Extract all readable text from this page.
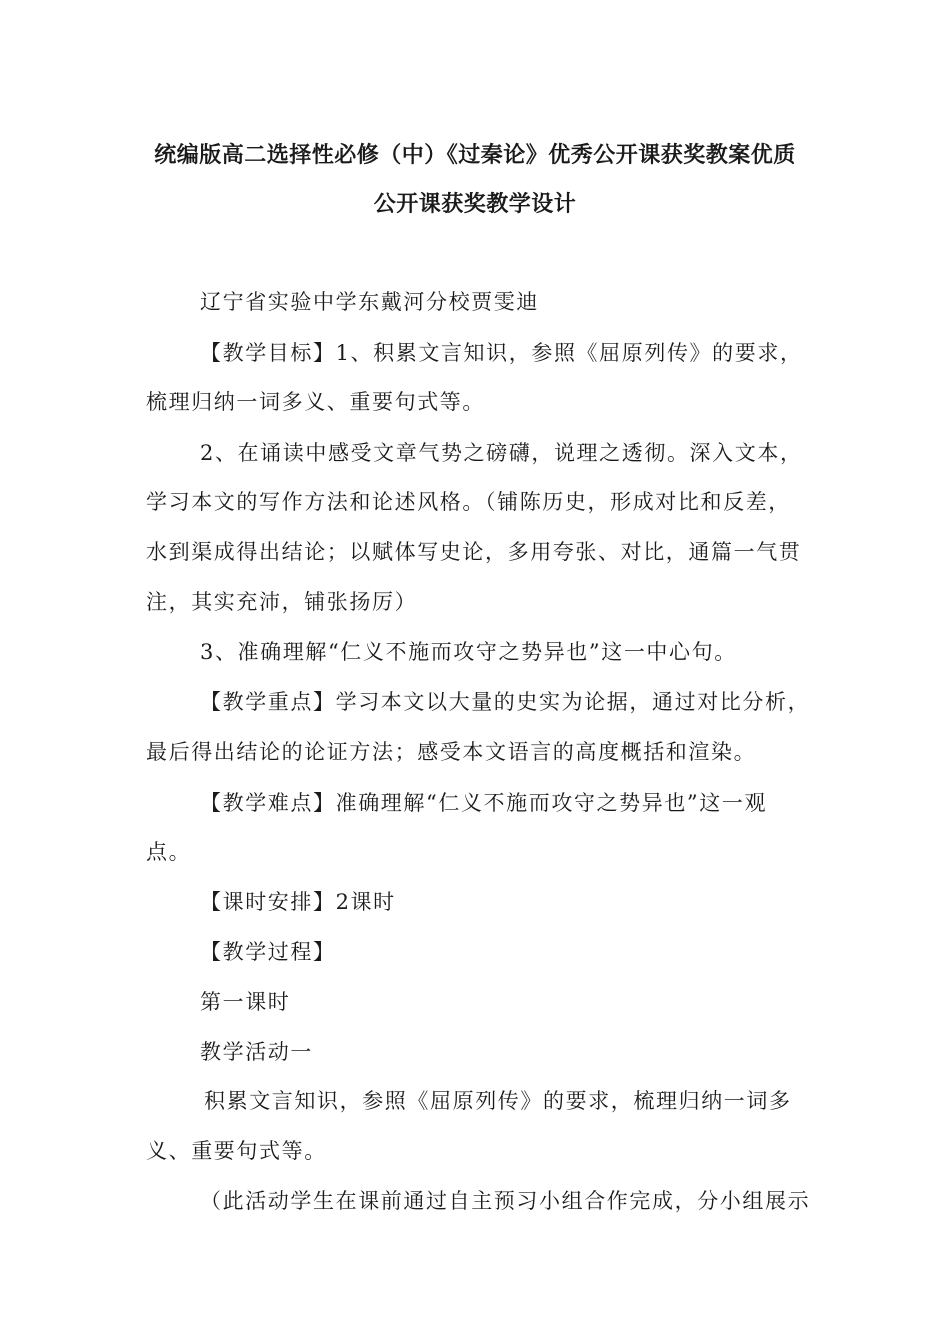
统编版高二选择性必修（中）《过秦论》优秀公开课获奖教案优质
公开课获奖教学设计
辽宁省实验中学东戴河分校贾雯迪
【教学目标】1、积累文言知识，参照《屈原列传》的要求，
梳理归纳一词多义、重要句式等。
2、在诵读中感受文章气势之磅礴，说理之透彻。深入文本，
学习本文的写作方法和论述风格。（铺陈历史，形成对比和反差，
水到渠成得出结论；以赋体写史论，多用夸张、对比，通篇一气贯
注，其实充沛，铺张扬厉）
3、准确理解“仁义不施而攻守之势异也”这一中心句。
【教学重点】学习本文以大量的史实为论据，通过对比分析，
最后得出结论的论证方法；感受本文语言的高度概括和渲染。
【教学难点】准确理解“仁义不施而攻守之势异也”这一观
点。
【课时安排】2课时
【教学过程】
第一课时
教学活动一
积累文言知识，参照《屈原列传》的要求，梳理归纳一词多
义、重要句式等。
（此活动学生在课前通过自主预习小组合作完成，分小组展示
